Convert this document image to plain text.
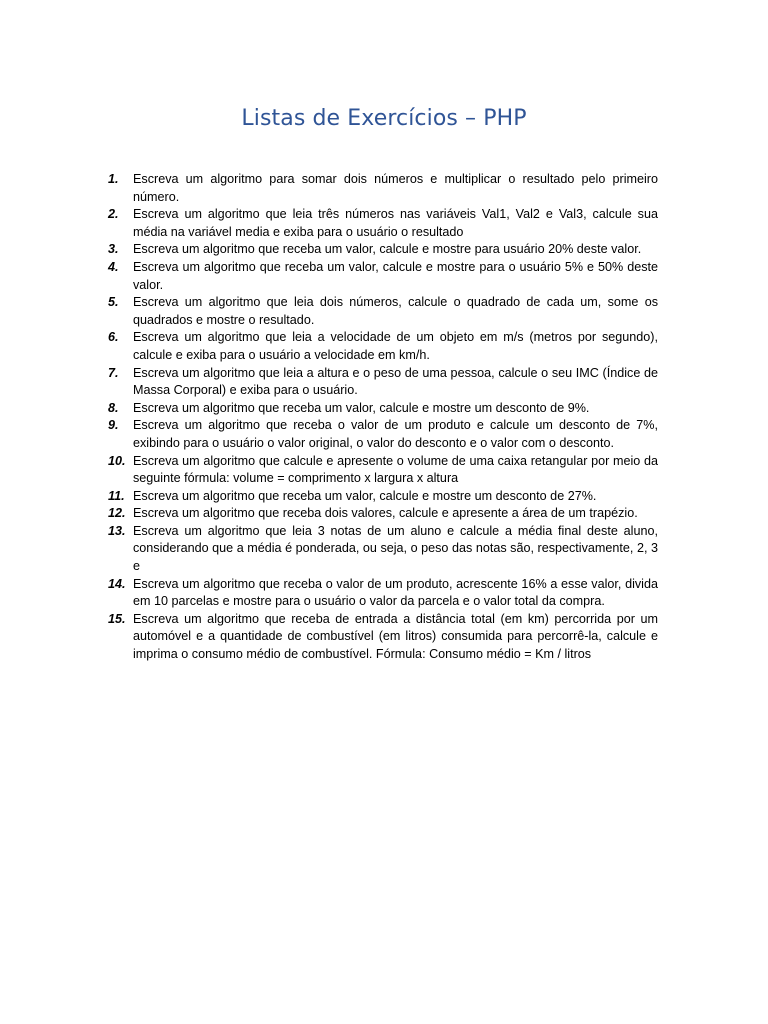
Listas de Exercícios – PHP
1.	Escreva um algoritmo para somar dois números e multiplicar o resultado pelo primeiro número.
2.	Escreva um algoritmo que leia três números nas variáveis Val1, Val2 e Val3, calcule sua média na variável media e exiba para o usuário o resultado
3.	Escreva um algoritmo que receba um valor, calcule e mostre para usuário 20% deste valor.
4.	Escreva um algoritmo que receba um valor, calcule e mostre para o usuário 5% e 50% deste valor.
5.	Escreva um algoritmo que leia dois números, calcule o quadrado de cada um, some os quadrados e mostre o resultado.
6.	Escreva um algoritmo que leia a velocidade de um objeto em m/s (metros por segundo), calcule e exiba para o usuário a velocidade em km/h.
7.	Escreva um algoritmo que leia a altura e o peso de uma pessoa, calcule o seu IMC (Índice de Massa Corporal) e exiba para o usuário.
8.	Escreva um algoritmo que receba um valor, calcule e mostre um desconto de 9%.
9.	Escreva um algoritmo que receba o valor de um produto e calcule um desconto de 7%, exibindo para o usuário o valor original, o valor do desconto e o valor com o desconto.
10. Escreva um algoritmo que calcule e apresente o volume de uma caixa retangular por meio da seguinte fórmula: volume = comprimento x largura x altura
11. Escreva um algoritmo que receba um valor, calcule e mostre um desconto de 27%.
12. Escreva um algoritmo que receba dois valores, calcule e apresente a área de um trapézio.
13. Escreva um algoritmo que leia 3 notas de um aluno e calcule a média final deste aluno, considerando que a média é ponderada, ou seja, o peso das notas são, respectivamente, 2, 3 e
14. Escreva um algoritmo que receba o valor de um produto, acrescente 16% a esse valor, divida em 10 parcelas e mostre para o usuário o valor da parcela e o valor total da compra.
15. Escreva um algoritmo que receba de entrada a distância total (em km) percorrida por um automóvel e a quantidade de combustível (em litros) consumida para percorrê-la, calcule e imprima o consumo médio de combustível. Fórmula: Consumo médio = Km / litros
